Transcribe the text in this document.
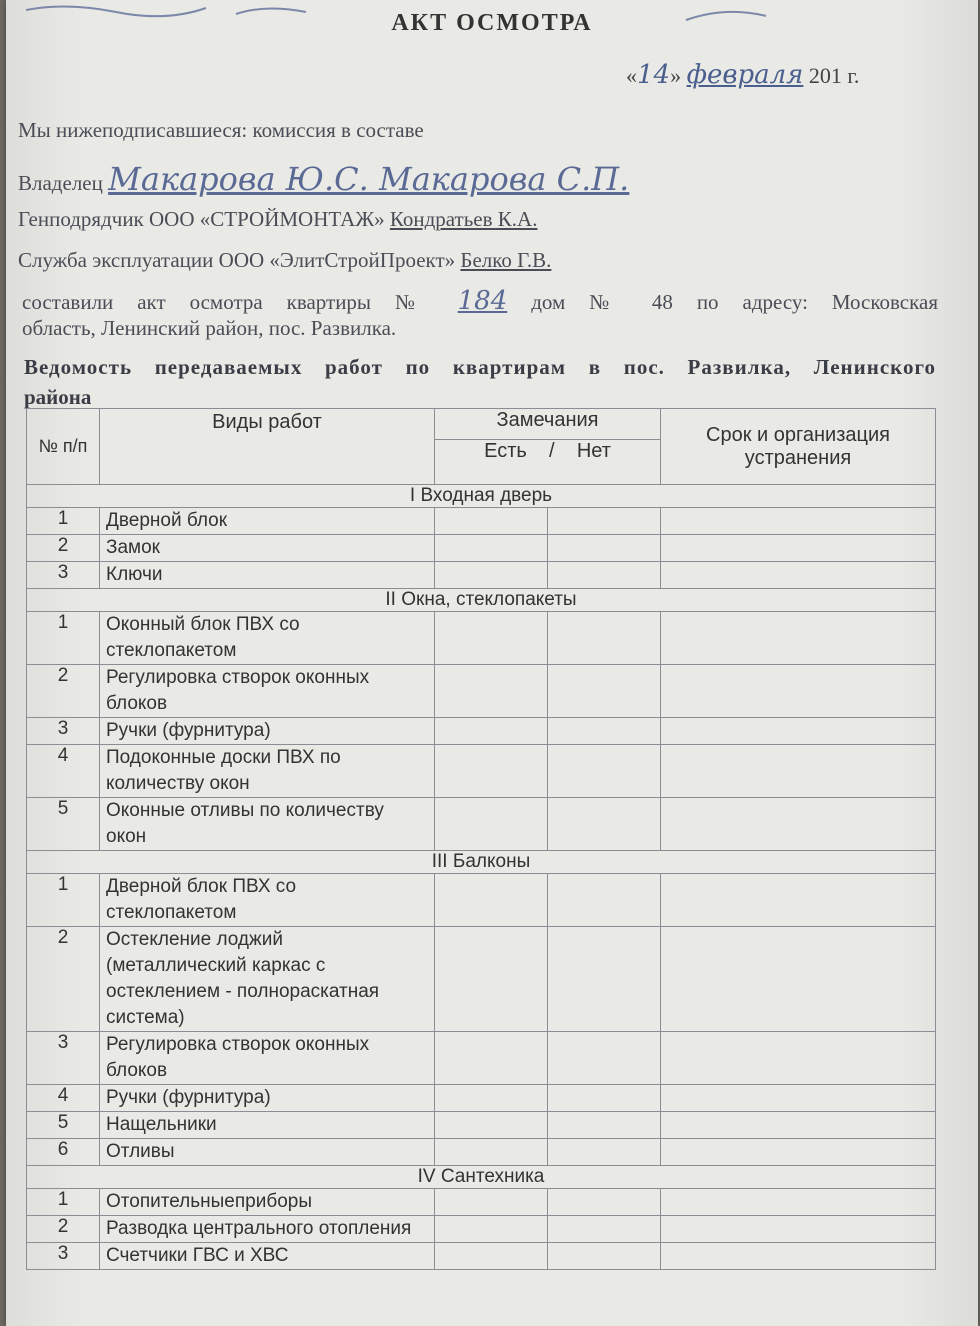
АКТ ОСМОТРА
«14» февраля 201 г.
Мы нижеподписавшиеся: комиссия в составе
Владелец Макарова Ю.С. Макарова С.П.
Генподрядчик ООО «СТРОЙМОНТАЖ» Кондратьев К.А.
Служба эксплуатации ООО «ЭлитСтройПроект» Белко Г.В.
составили акт осмотра квартиры № 184 дом № 48 по адресу: Московская
область, Ленинский район, пос. Развилка.
Ведомость передаваемых работ по квартирам в пос. Развилка, Ленинского
района
№ п/п	Виды работ	Замечания		Срок и организация устранения
		Есть / Нет		
I Входная дверь				
1	Дверной блок			
2	Замок			
3	Ключи			
II Окна, стеклопакеты				
1	Оконный блок ПВХ со стеклопакетом			
2	Регулировка створок оконных блоков			
3	Ручки (фурнитура)			
4	Подоконные доски ПВХ по количеству окон			
5	Оконные отливы по количеству окон			
III Балконы				
1	Дверной блок ПВХ со стеклопакетом			
2	Остекление лоджий (металлический каркас с остеклением - полнораскатная система)			
3	Регулировка створок оконных блоков			
4	Ручки (фурнитура)			
5	Нащельники			
6	Отливы			
IV Сантехника				
1	Отопительныеприборы			
2	Разводка центрального отопления			
3	Счетчики ГВС и ХВС			
